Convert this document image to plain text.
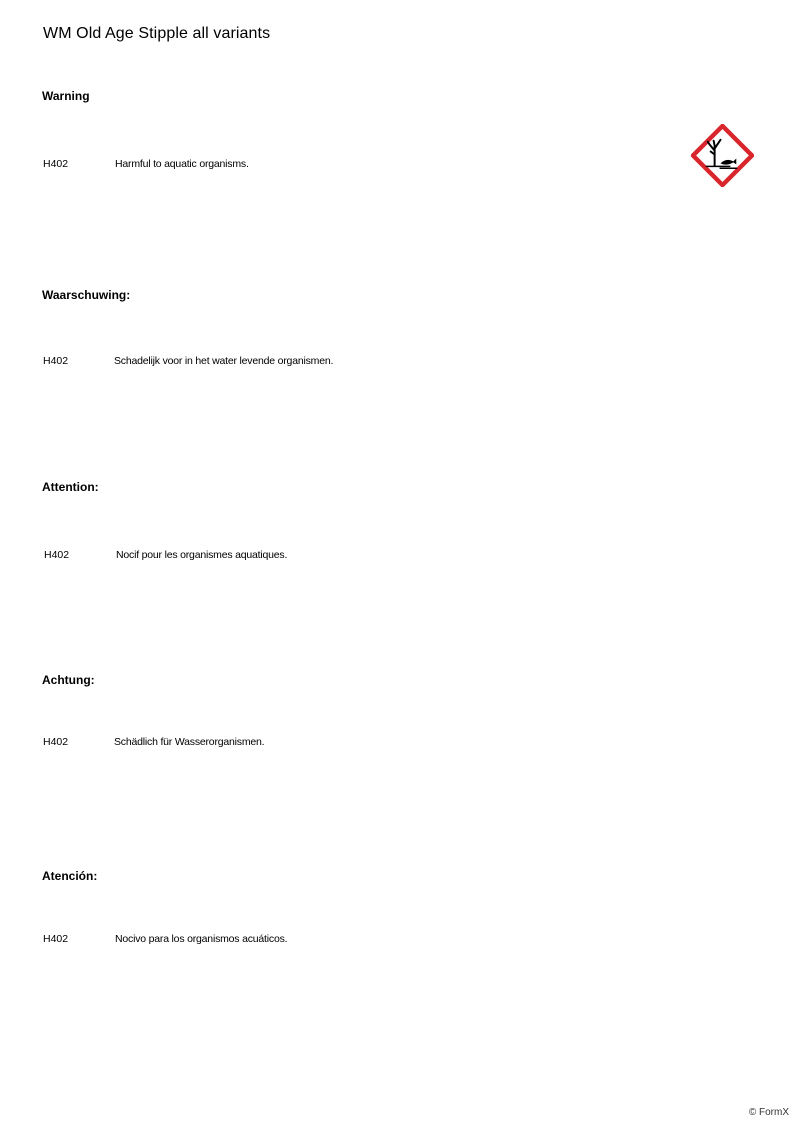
WM Old Age Stipple all variants
Warning
H402	Harmful to aquatic organisms.
Waarschuwing:
H402	Schadelijk voor in het water levende organismen.
Attention:
H402	Nocif pour les organismes aquatiques.
Achtung:
H402	Schädlich für Wasserorganismen.
Atención:
H402	Nocivo para los organismos acuáticos.
© FormX
